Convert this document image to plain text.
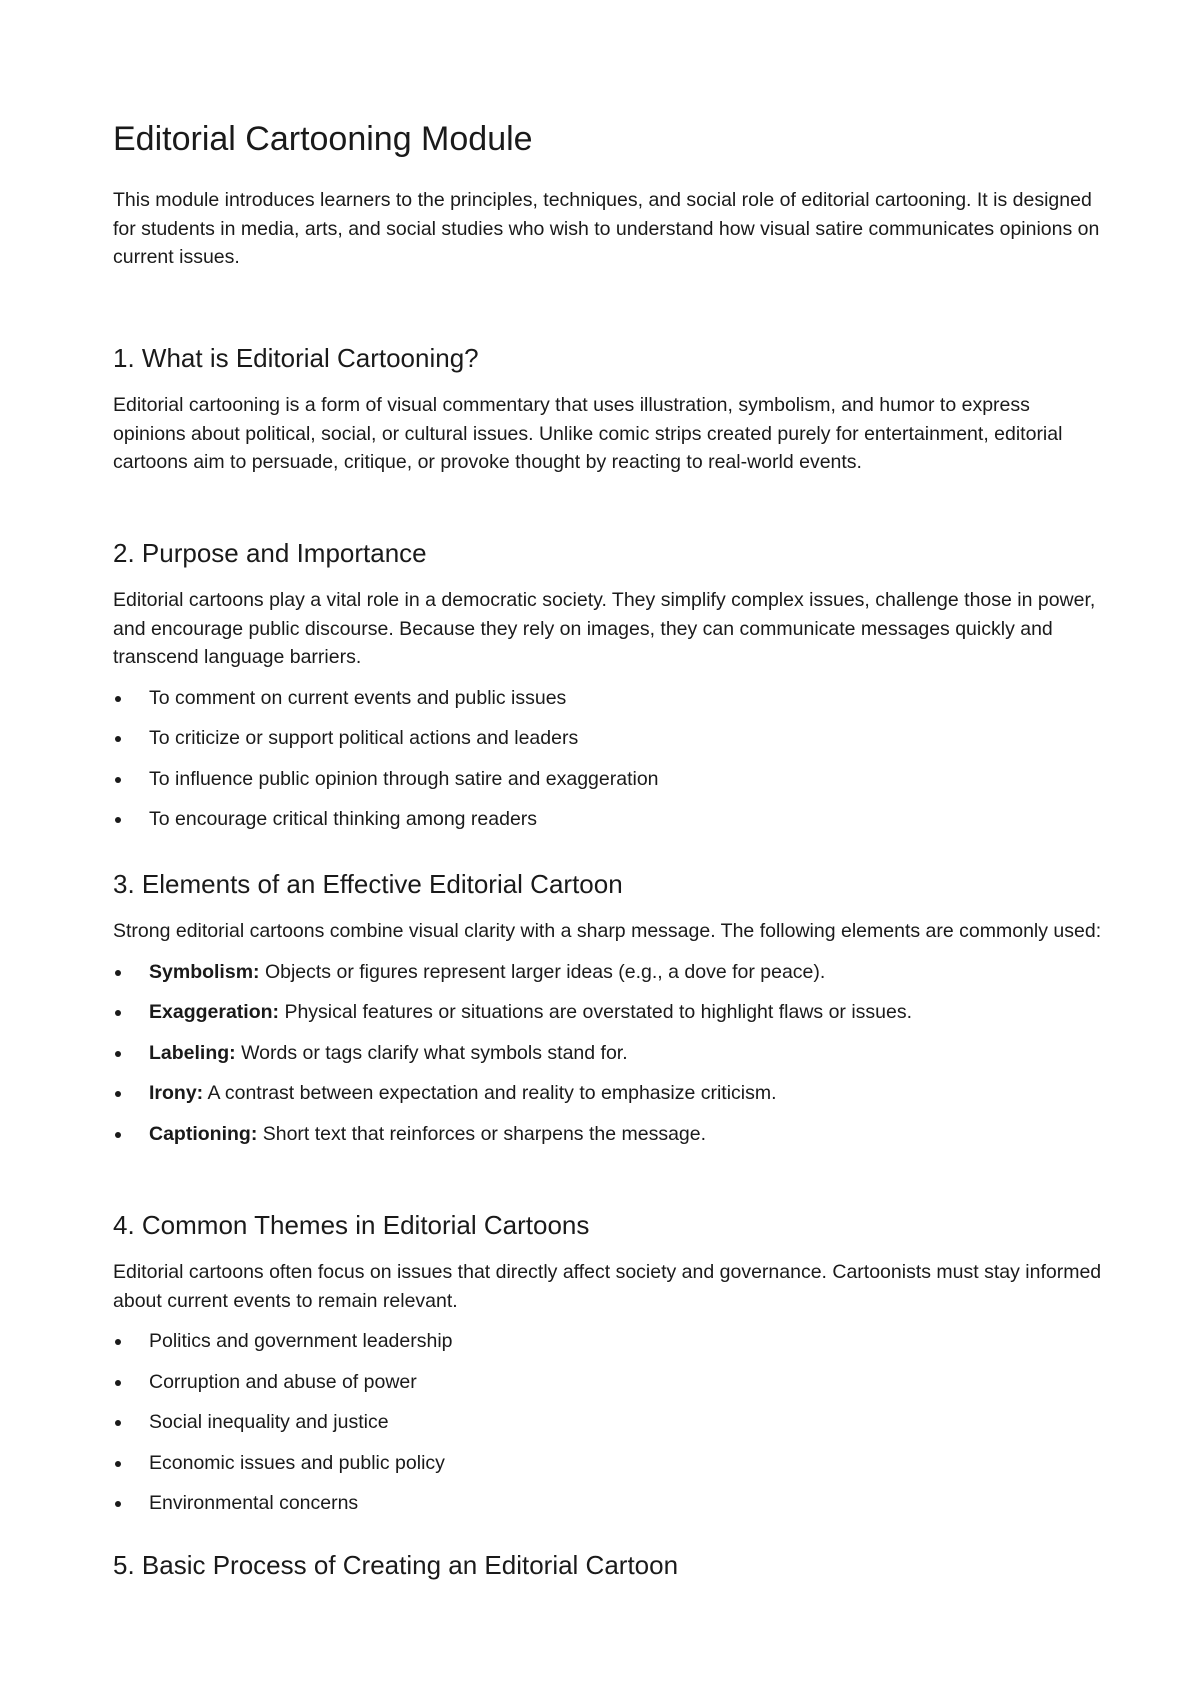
Editorial Cartooning Module

This module introduces learners to the principles, techniques, and social role of editorial cartooning. It is designed for students in media, arts, and social studies who wish to understand how visual satire communicates opinions on current issues.

1. What is Editorial Cartooning?

Editorial cartooning is a form of visual commentary that uses illustration, symbolism, and humor to express opinions about political, social, or cultural issues. Unlike comic strips created purely for entertainment, editorial cartoons aim to persuade, critique, or provoke thought by reacting to real-world events.

2. Purpose and Importance

Editorial cartoons play a vital role in a democratic society. They simplify complex issues, challenge those in power, and encourage public discourse. Because they rely on images, they can communicate messages quickly and transcend language barriers.

To comment on current events and public issues
To criticize or support political actions and leaders
To influence public opinion through satire and exaggeration
To encourage critical thinking among readers
3. Elements of an Effective Editorial Cartoon

Strong editorial cartoons combine visual clarity with a sharp message. The following elements are commonly used:

Symbolism: Objects or figures represent larger ideas (e.g., a dove for peace).
Exaggeration: Physical features or situations are overstated to highlight flaws or issues.
Labeling: Words or tags clarify what symbols stand for.
Irony: A contrast between expectation and reality to emphasize criticism.
Captioning: Short text that reinforces or sharpens the message.
4. Common Themes in Editorial Cartoons

Editorial cartoons often focus on issues that directly affect society and governance. Cartoonists must stay informed about current events to remain relevant.

Politics and government leadership
Corruption and abuse of power
Social inequality and justice
Economic issues and public policy
Environmental concerns
5. Basic Process of Creating an Editorial Cartoon
